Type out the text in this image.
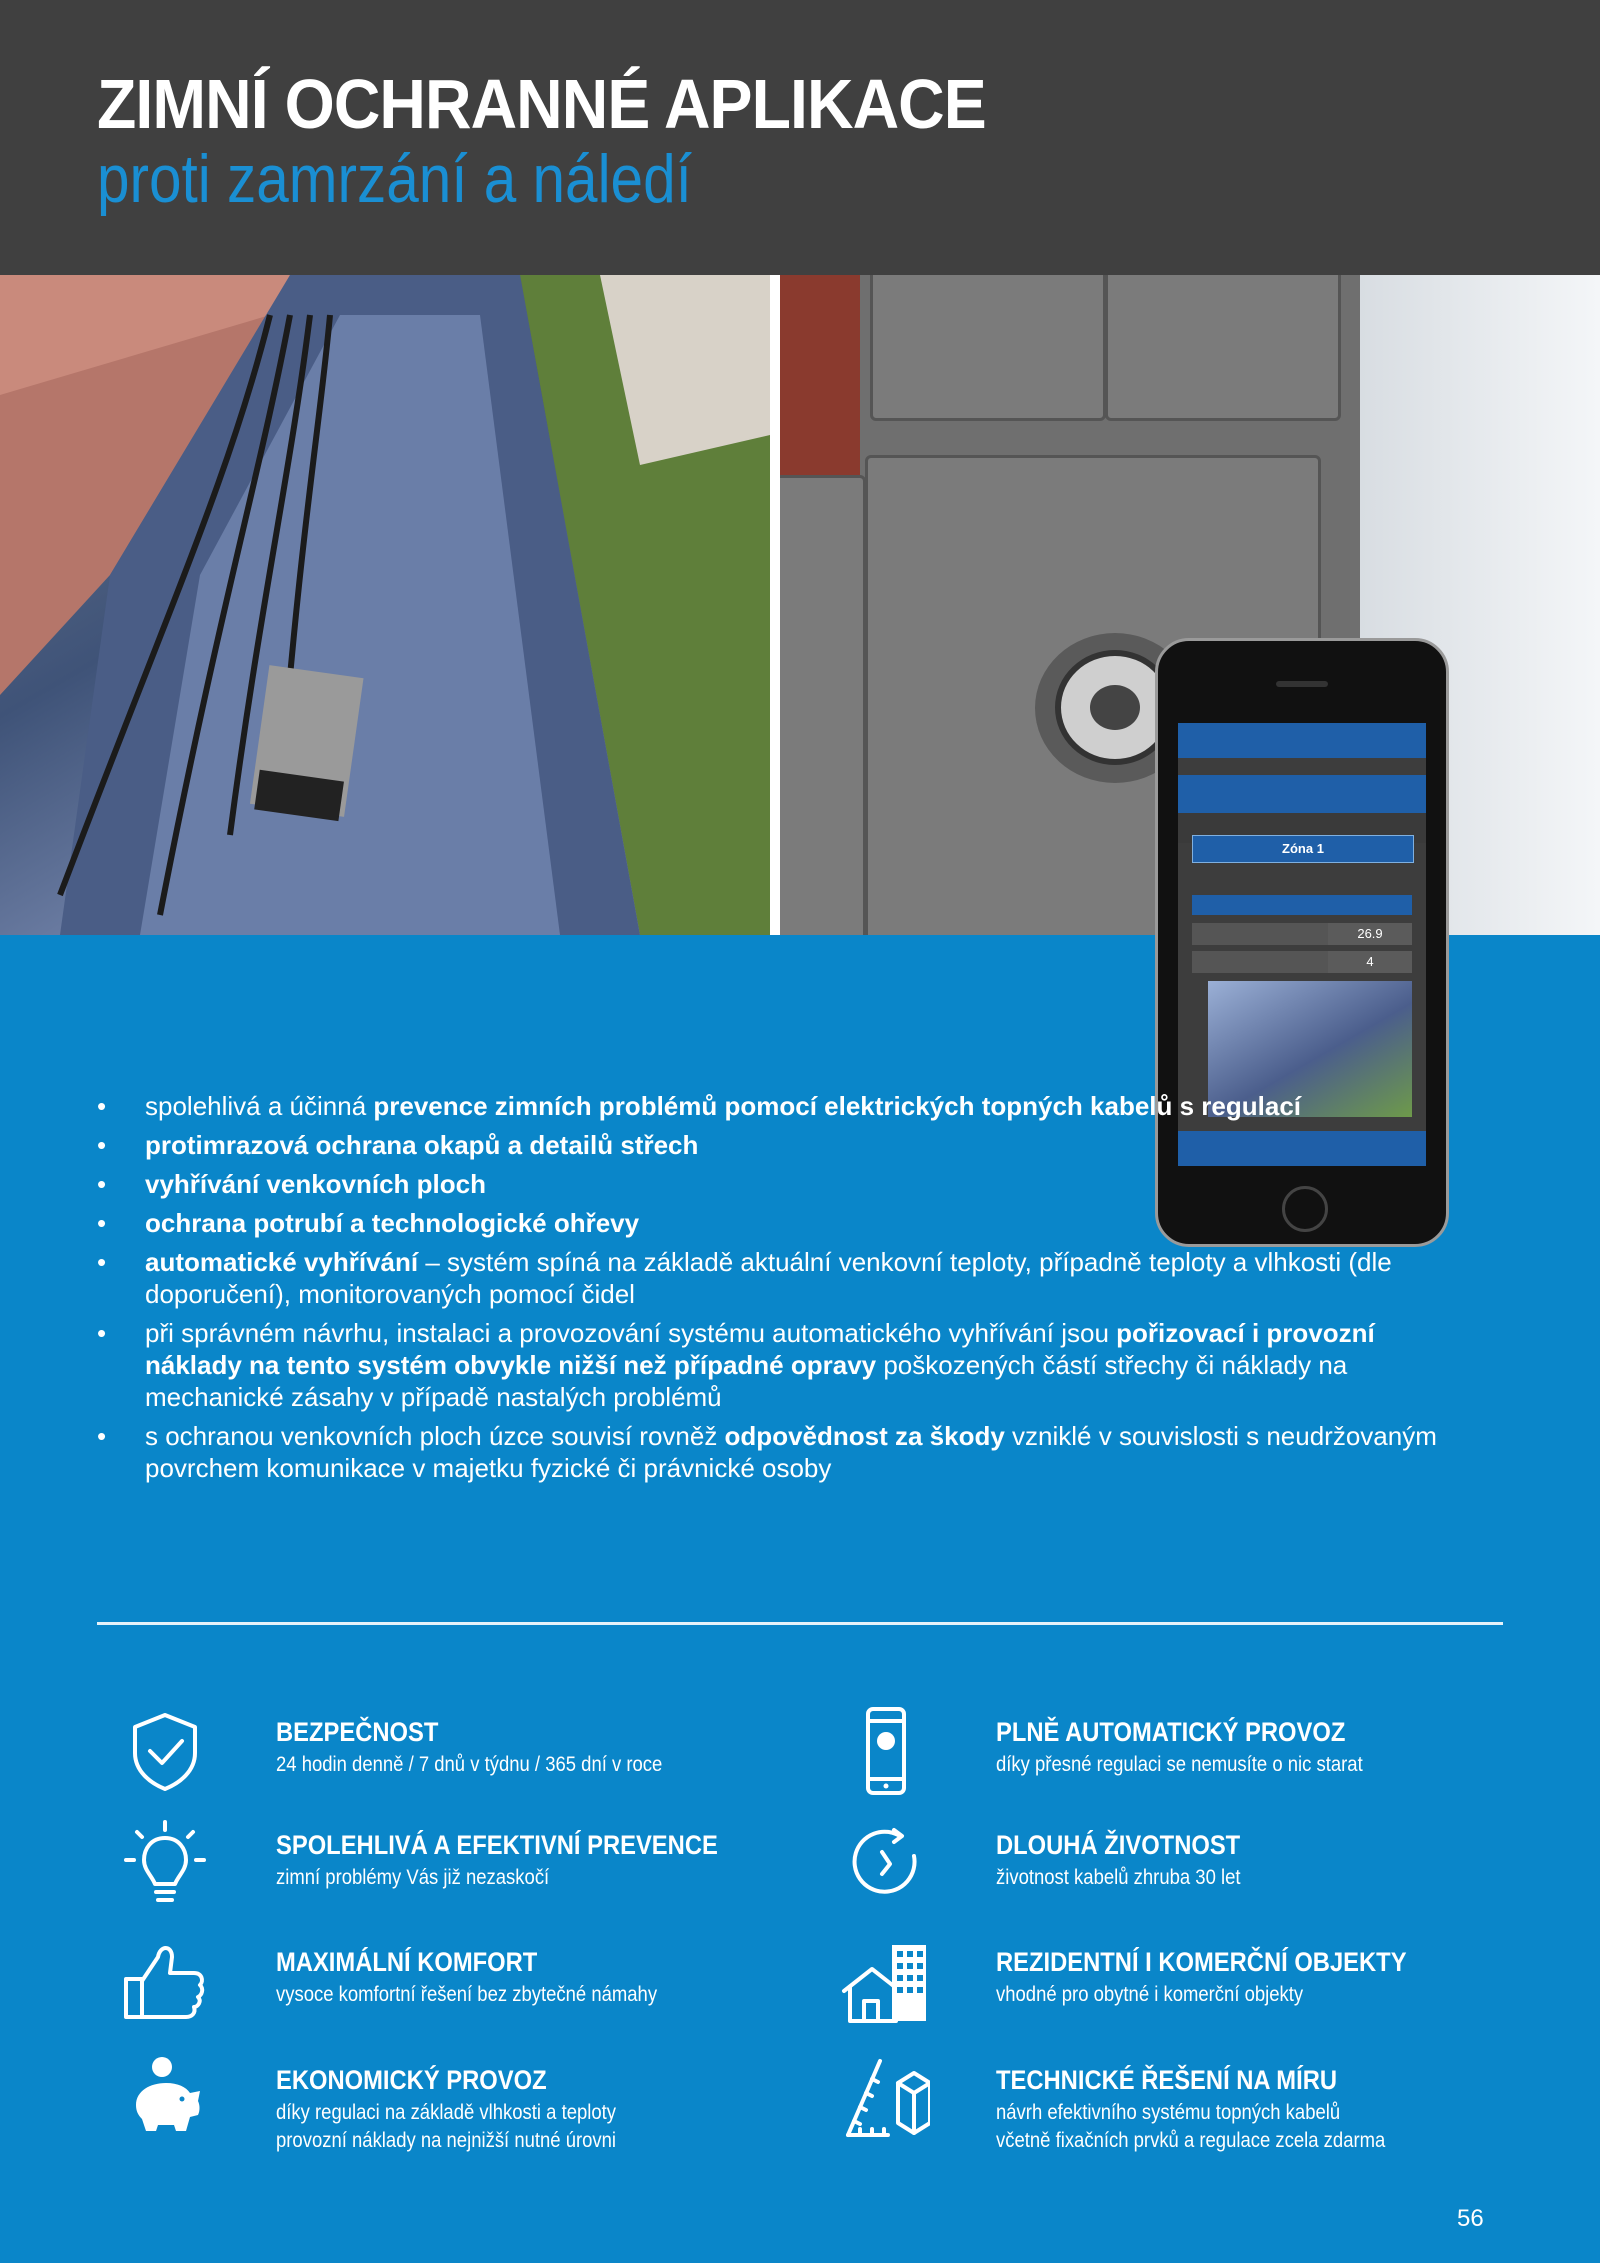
ZIMNÍ OCHRANNÉ APLIKACE
proti zamrzání a náledí
Zóna 1
26.9
4
• spolehlivá a účinná prevence zimních problémů pomocí elektrických topných kabelů s regulací
• protimrazová ochrana okapů a detailů střech
• vyhřívání venkovních ploch
• ochrana potrubí a technologické ohřevy
• automatické vyhřívání – systém spíná na základě aktuální venkovní teploty, případně teploty a vlhkosti (dle doporučení), monitorovaných pomocí čidel
• při správném návrhu, instalaci a provozování systému automatického vyhřívání jsou pořizovací i provozní náklady na tento systém obvykle nižší než případné opravy poškozených částí střechy či náklady na mechanické zásahy v případě nastalých problémů
• s ochranou venkovních ploch úzce souvisí rovněž odpovědnost za škody vzniklé v souvislosti s neudržovaným povrchem komunikace v majetku fyzické či právnické osoby
BEZPEČNOST
24 hodin denně / 7 dnů v týdnu / 365 dní v roce
PLNĚ AUTOMATICKÝ PROVOZ
díky přesné regulaci se nemusíte o nic starat
SPOLEHLIVÁ A EFEKTIVNÍ PREVENCE
zimní problémy Vás již nezaskočí
DLOUHÁ ŽIVOTNOST
životnost kabelů zhruba 30 let
MAXIMÁLNÍ KOMFORT
vysoce komfortní řešení bez zbytečné námahy
REZIDENTNÍ I KOMERČNÍ OBJEKTY
vhodné pro obytné i komerční objekty
EKONOMICKÝ PROVOZ
díky regulaci na základě vlhkosti a teploty
provozní náklady na nejnižší nutné úrovni
TECHNICKÉ ŘEŠENÍ NA MÍRU
návrh efektivního systému topných kabelů
včetně fixačních prvků a regulace zcela zdarma
56
